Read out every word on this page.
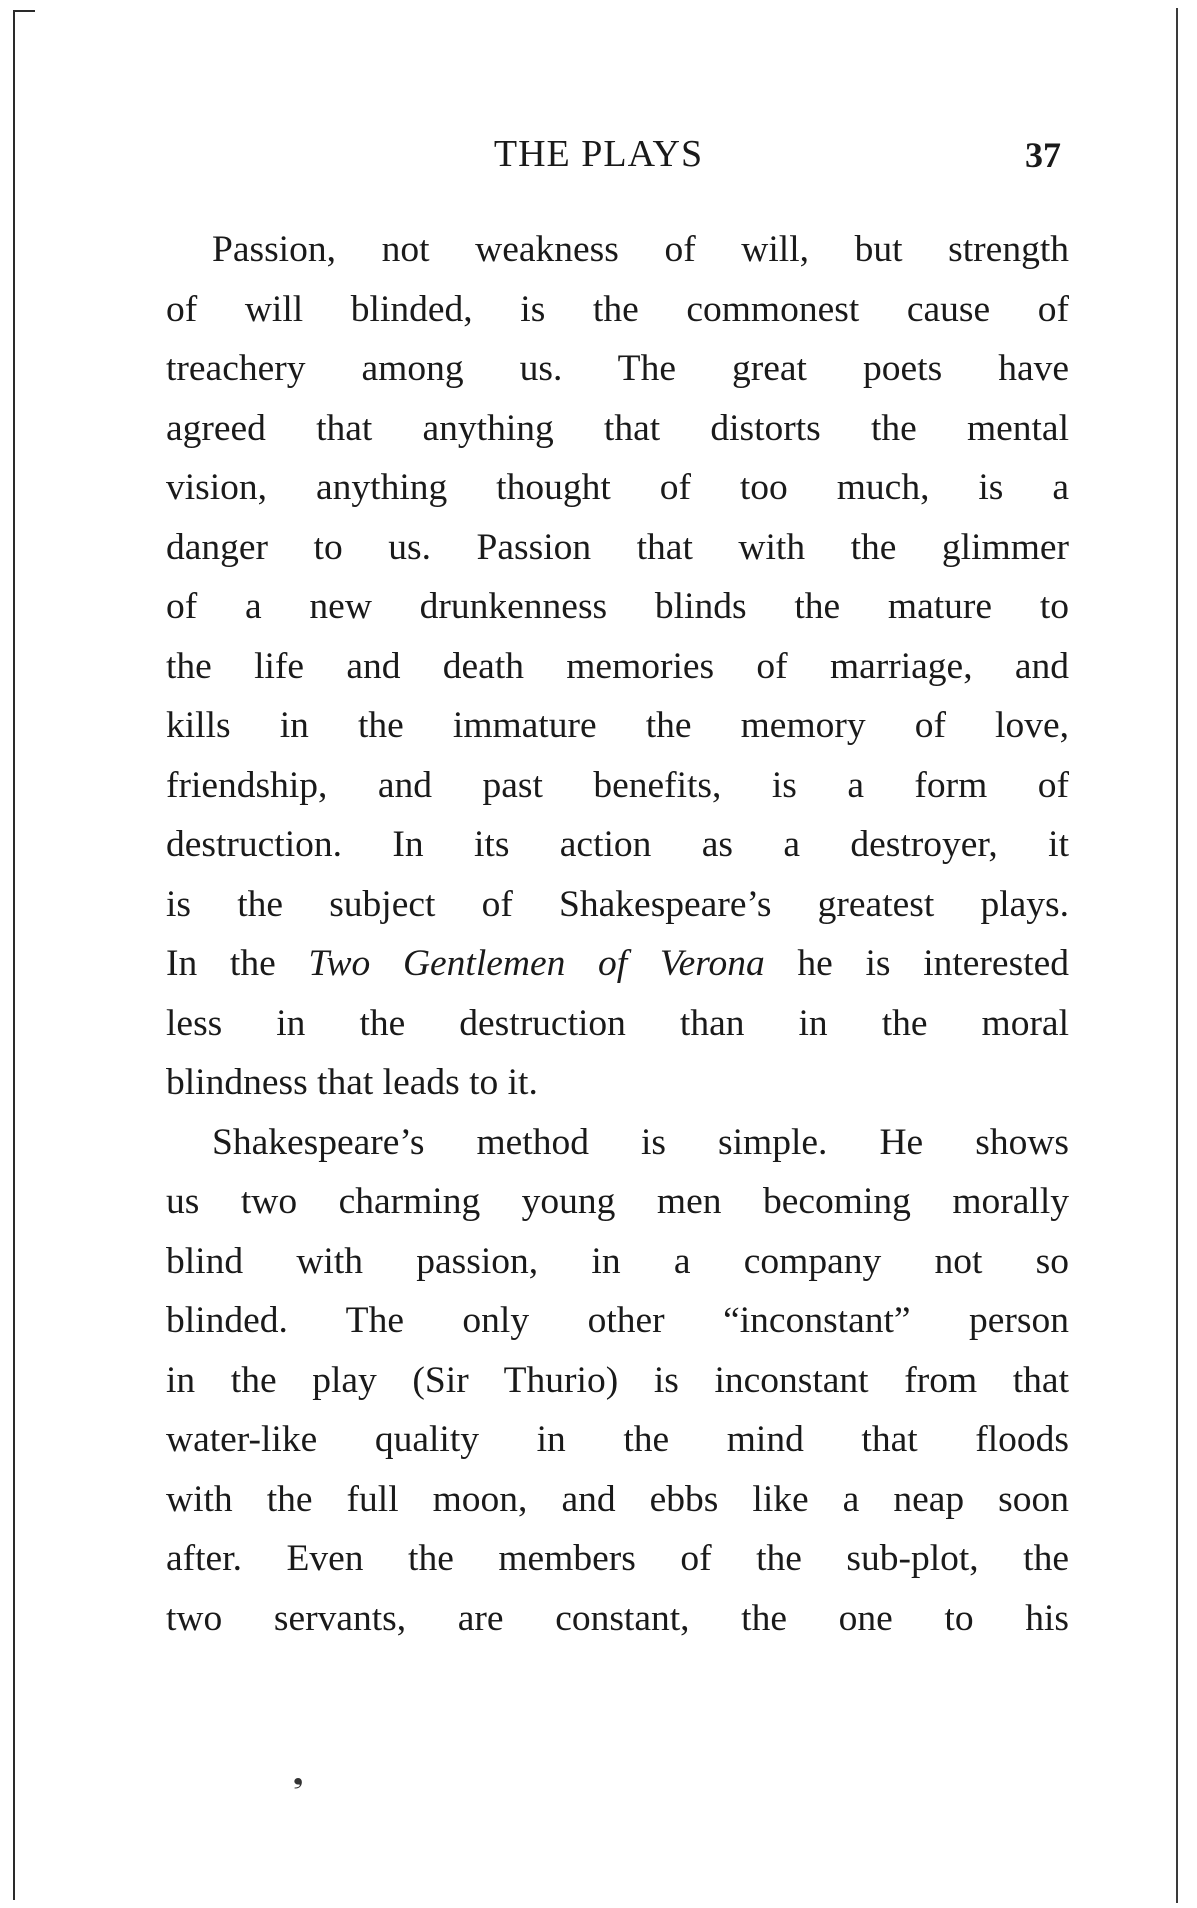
THE PLAYS	37
Passion, not weakness of will, but strength
of will blinded, is the commonest cause of
treachery among us. The great poets have
agreed that anything that distorts the mental
vision, anything thought of too much, is a
danger to us. Passion that with the glimmer
of a new drunkenness blinds the mature to
the life and death memories of marriage, and
kills in the immature the memory of love,
friendship, and past benefits, is a form of
destruction. In its action as a destroyer, it
is the subject of Shakespeare’s greatest plays.
In the Two Gentlemen of Verona he is interested
less in the destruction than in the moral
blindness that leads to it.
Shakespeare’s method is simple. He shows
us two charming young men becoming morally
blind with passion, in a company not so
blinded. The only other “inconstant” person
in the play (Sir Thurio) is inconstant from that
water-like quality in the mind that floods
with the full moon, and ebbs like a neap soon
after. Even the members of the sub-plot, the
two servants, are constant, the one to his
❟
